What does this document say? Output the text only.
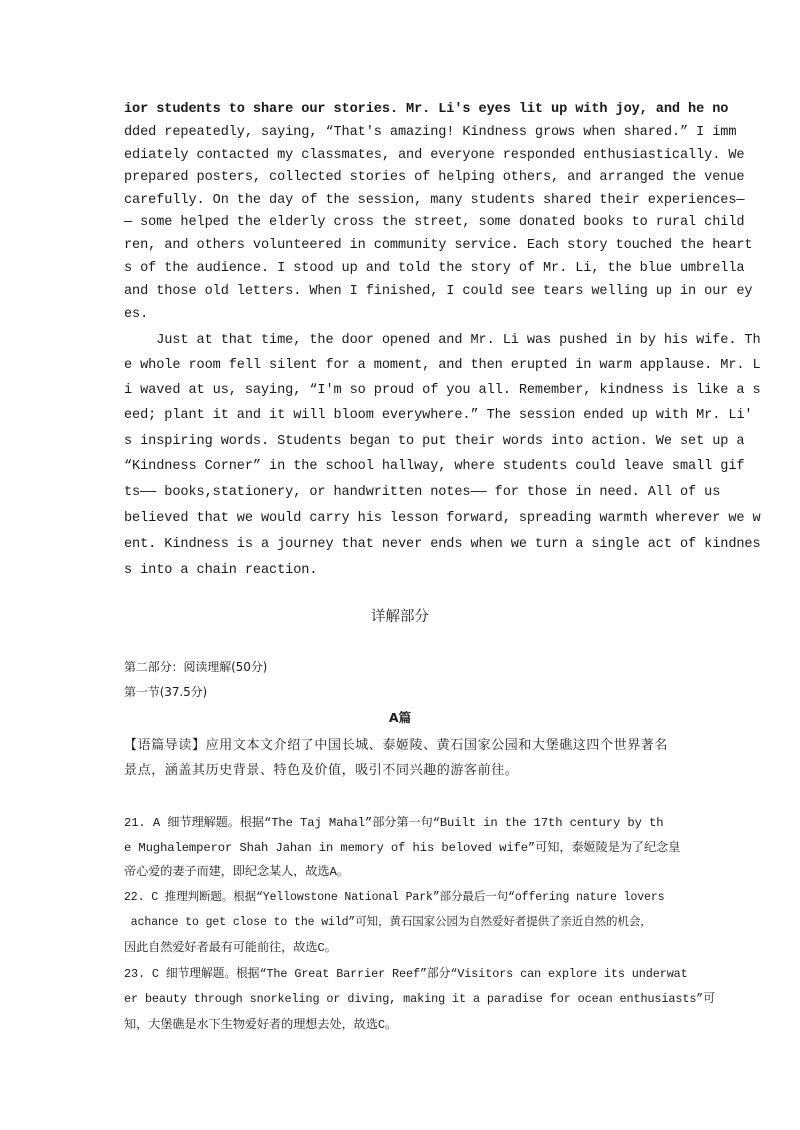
ior students to share our stories. Mr. Li's eyes lit up with joy, and he no
dded repeatedly, saying, “That's amazing! Kindness grows when shared.” I imm
ediately contacted my classmates, and everyone responded enthusiastically. We
prepared posters, collected stories of helping others, and arranged the venue
carefully. On the day of the session, many students shared their experiences—
— some helped the elderly cross the street, some donated books to rural child
ren, and others volunteered in community service. Each story touched the heart
s of the audience. I stood up and told the story of Mr. Li, the blue umbrella
and those old letters. When I finished, I could see tears welling up in our ey
es.
Just at that time, the door opened and Mr. Li was pushed in by his wife. Th
e whole room fell silent for a moment, and then erupted in warm applause. Mr. L
i waved at us, saying, “I'm so proud of you all. Remember, kindness is like a s
eed; plant it and it will bloom everywhere.” The session ended up with Mr. Li'
s inspiring words. Students began to put their words into action. We set up a
“Kindness Corner” in the school hallway, where students could leave small gif
ts—— books,stationery, or handwritten notes—— for those in need. All of us
believed that we would carry his lesson forward, spreading warmth wherever we w
ent. Kindness is a journey that never ends when we turn a single act of kindnes
s into a chain reaction.
详解部分
第二部分：阅读理解(50分)
第一节(37.5分)
A篇
【语篇导读】应用文本文介绍了中国长城、泰姬陵、黄石国家公园和大堡礁这四个世界著名
景点，涵盖其历史背景、特色及价值，吸引不同兴趣的游客前往。
21. A 细节理解题。根据“The Taj Mahal”部分第一句“Built in the 17th century by th
e Mughalemperor Shah Jahan in memory of his beloved wife”可知，泰姬陵是为了纪念皇
帝心爱的妻子而建，即纪念某人，故选A。
22. C 推理判断题。根据“Yellowstone National Park”部分最后一句“offering nature lovers
achance to get close to the wild”可知，黄石国家公园为自然爱好者提供了亲近自然的机会，
因此自然爱好者最有可能前往，故选C。
23. C 细节理解题。根据“The Great Barrier Reef”部分“Visitors can explore its underwat
er beauty through snorkeling or diving, making it a paradise for ocean enthusiasts”可
知，大堡礁是水下生物爱好者的理想去处，故选C。
